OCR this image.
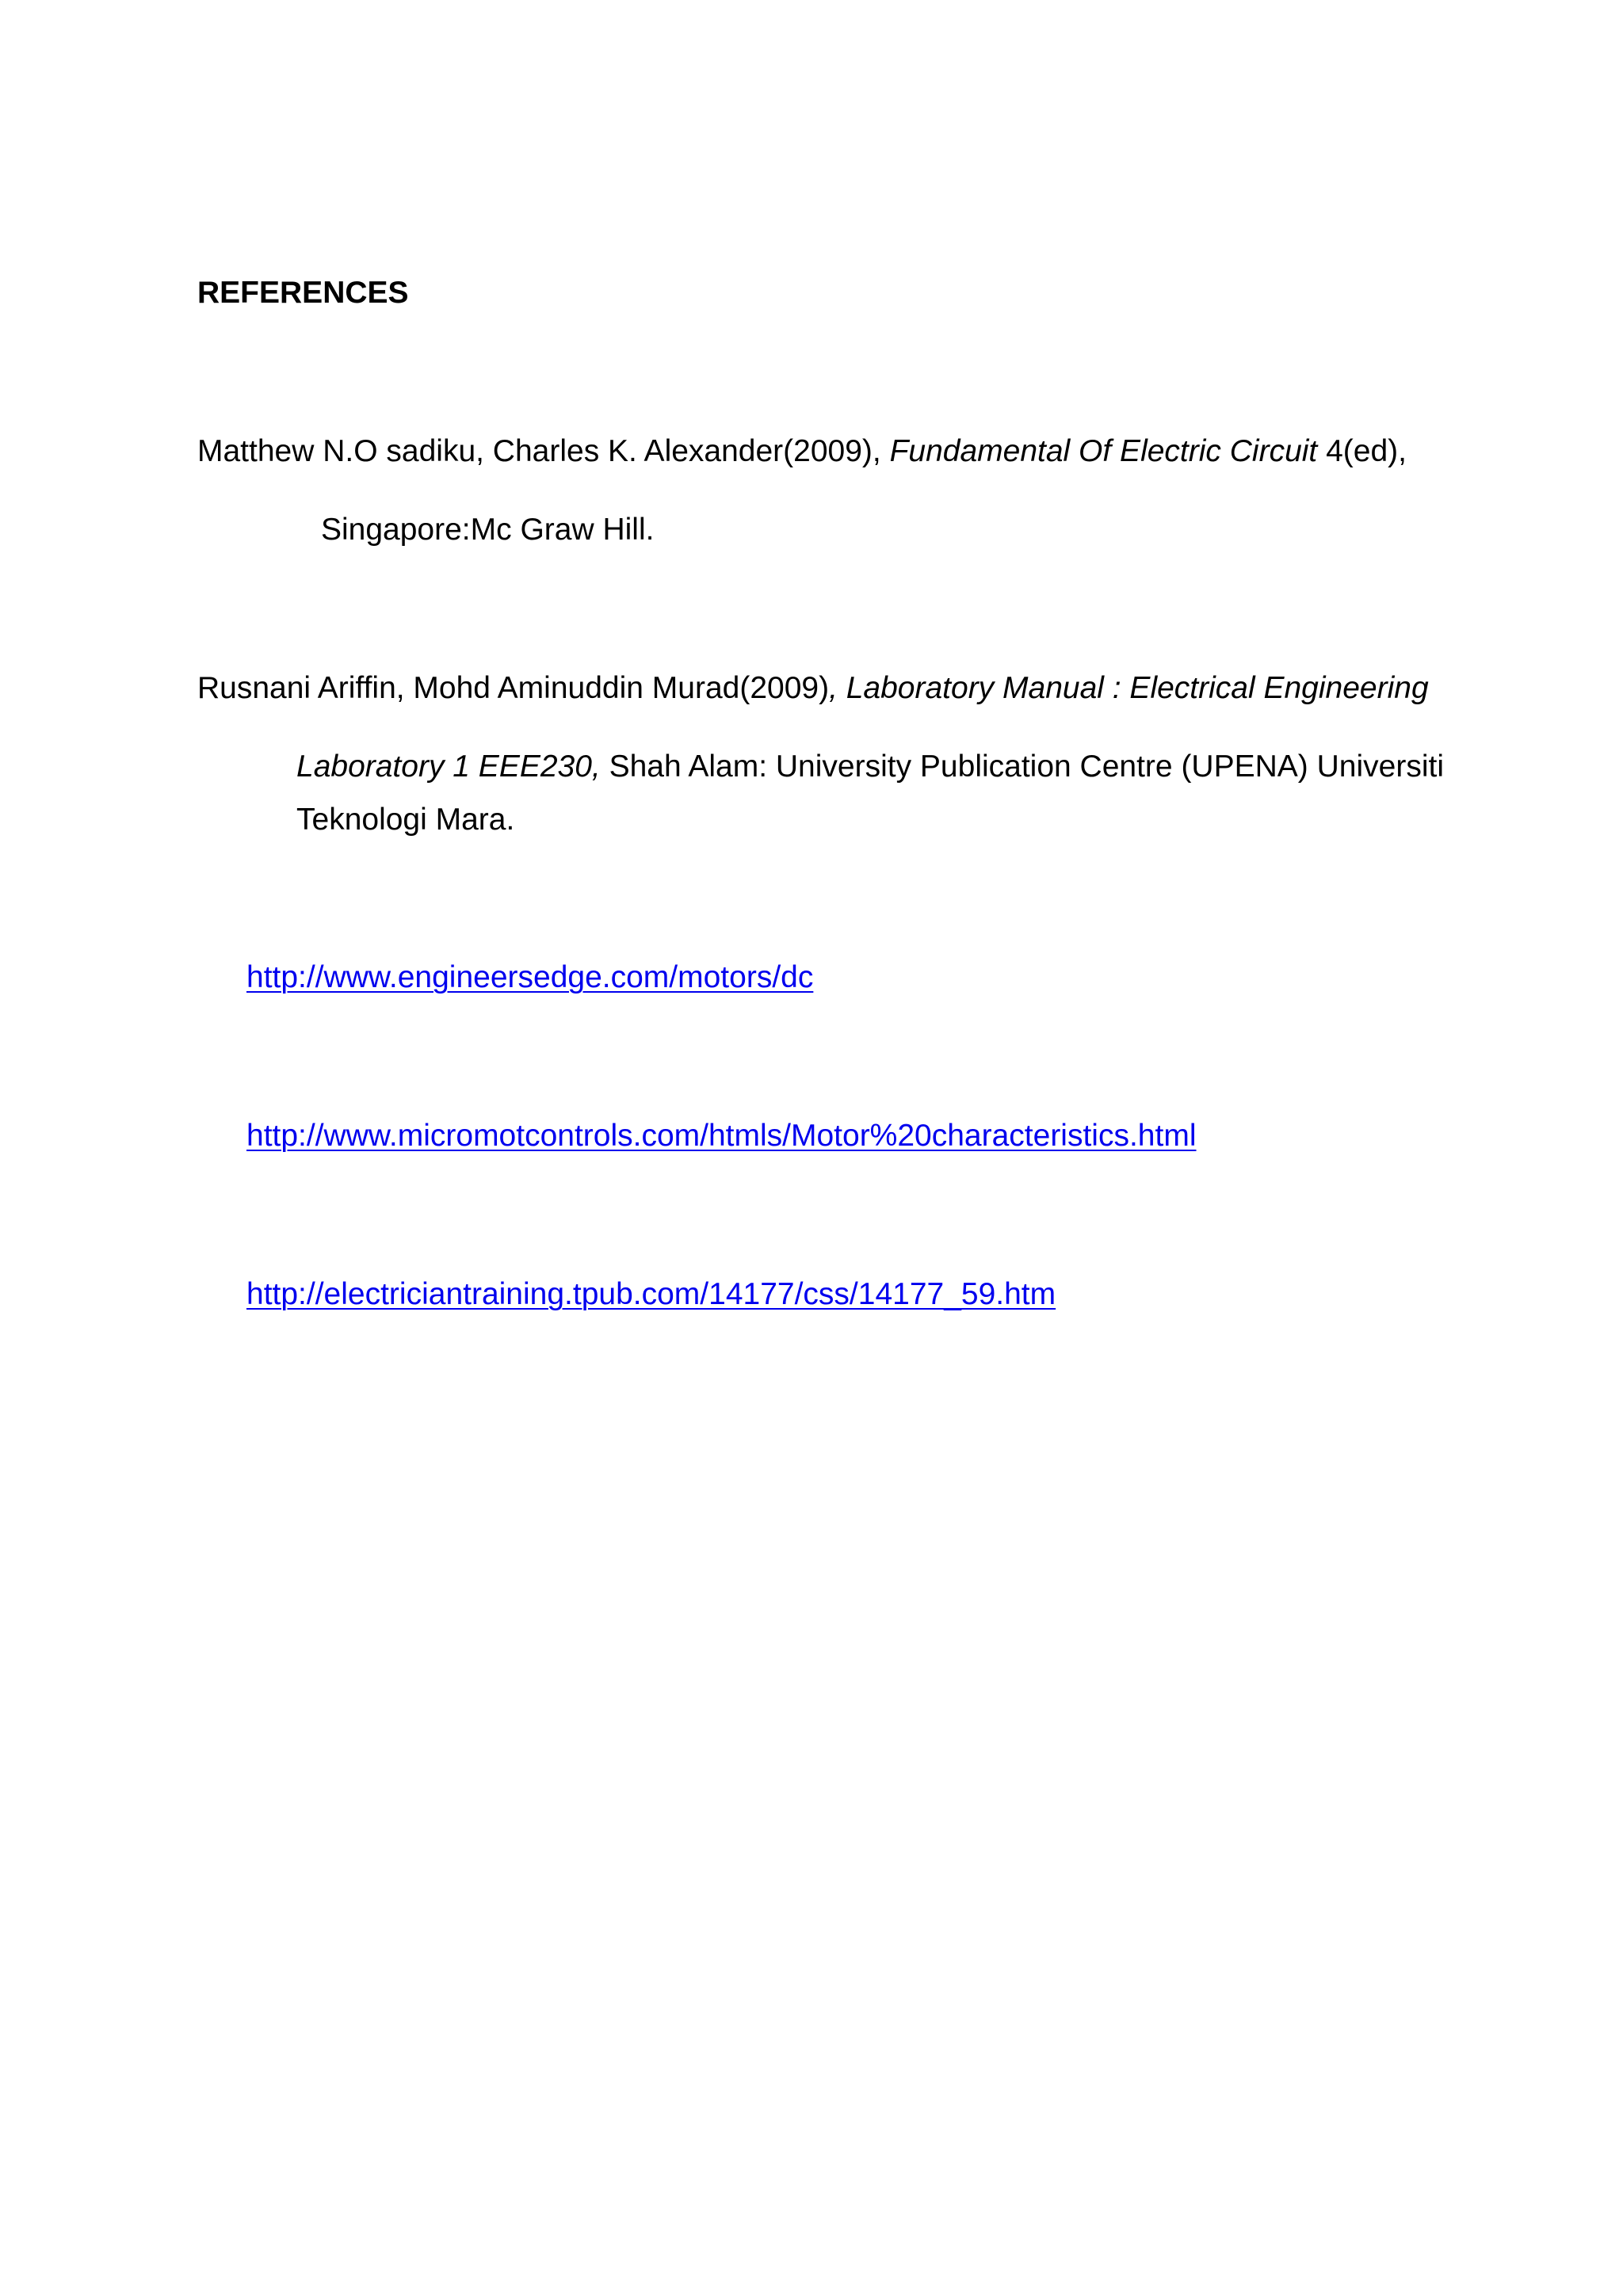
REFERENCES
Matthew N.O sadiku, Charles K. Alexander(2009), Fundamental Of Electric Circuit 4(ed),
Singapore:Mc Graw Hill.
Rusnani Ariffin, Mohd Aminuddin Murad(2009), Laboratory Manual : Electrical Engineering
Laboratory 1 EEE230, Shah Alam: University Publication Centre (UPENA) Universiti
Teknologi Mara.
http://www.engineersedge.com/motors/dc
http://www.micromotcontrols.com/htmls/Motor%20characteristics.html
http://electriciantraining.tpub.com/14177/css/14177_59.htm
